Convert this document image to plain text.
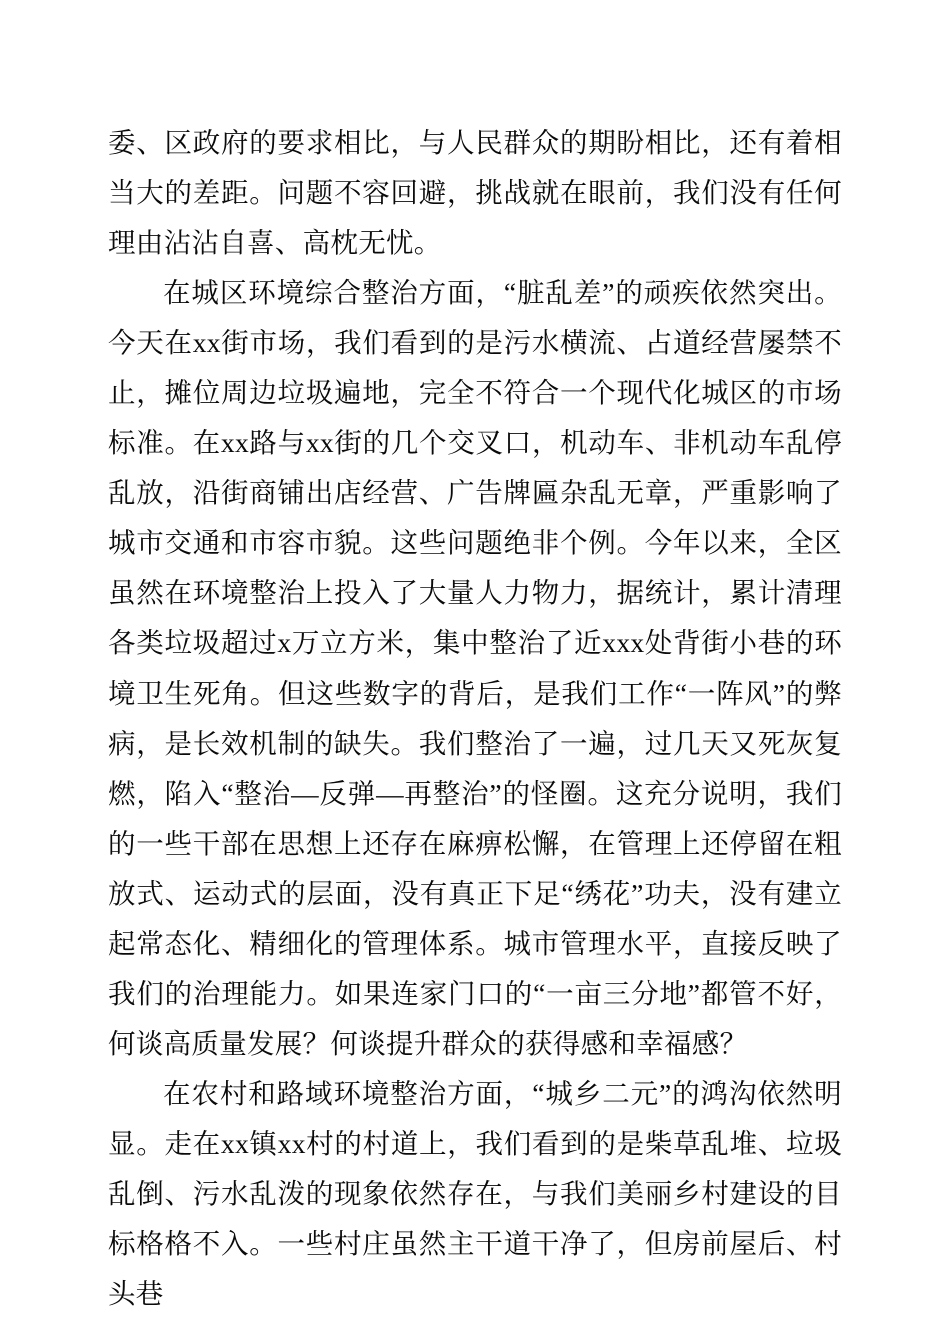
委、区政府的要求相比，与人民群众的期盼相比，还有着相当大的差距。问题不容回避，挑战就在眼前，我们没有任何理由沾沾自喜、高枕无忧。

在城区环境综合整治方面，“脏乱差”的顽疾依然突出。今天在xx街市场，我们看到的是污水横流、占道经营屡禁不止，摊位周边垃圾遍地，完全不符合一个现代化城区的市场标准。在xx路与xx街的几个交叉口，机动车、非机动车乱停乱放，沿街商铺出店经营、广告牌匾杂乱无章，严重影响了城市交通和市容市貌。这些问题绝非个例。今年以来，全区虽然在环境整治上投入了大量人力物力，据统计，累计清理各类垃圾超过x万立方米，集中整治了近xxx处背街小巷的环境卫生死角。但这些数字的背后，是我们工作“一阵风”的弊病，是长效机制的缺失。我们整治了一遍，过几天又死灰复燃，陷入“整治—反弹—再整治”的怪圈。这充分说明，我们的一些干部在思想上还存在麻痹松懈，在管理上还停留在粗放式、运动式的层面，没有真正下足“绣花”功夫，没有建立起常态化、精细化的管理体系。城市管理水平，直接反映了我们的治理能力。如果连家门口的“一亩三分地”都管不好，何谈高质量发展？何谈提升群众的获得感和幸福感？

在农村和路域环境整治方面，“城乡二元”的鸿沟依然明显。走在xx镇xx村的村道上，我们看到的是柴草乱堆、垃圾乱倒、污水乱泼的现象依然存在，与我们美丽乡村建设的目标格格不入。一些村庄虽然主干道干净了，但房前屋后、村头巷
